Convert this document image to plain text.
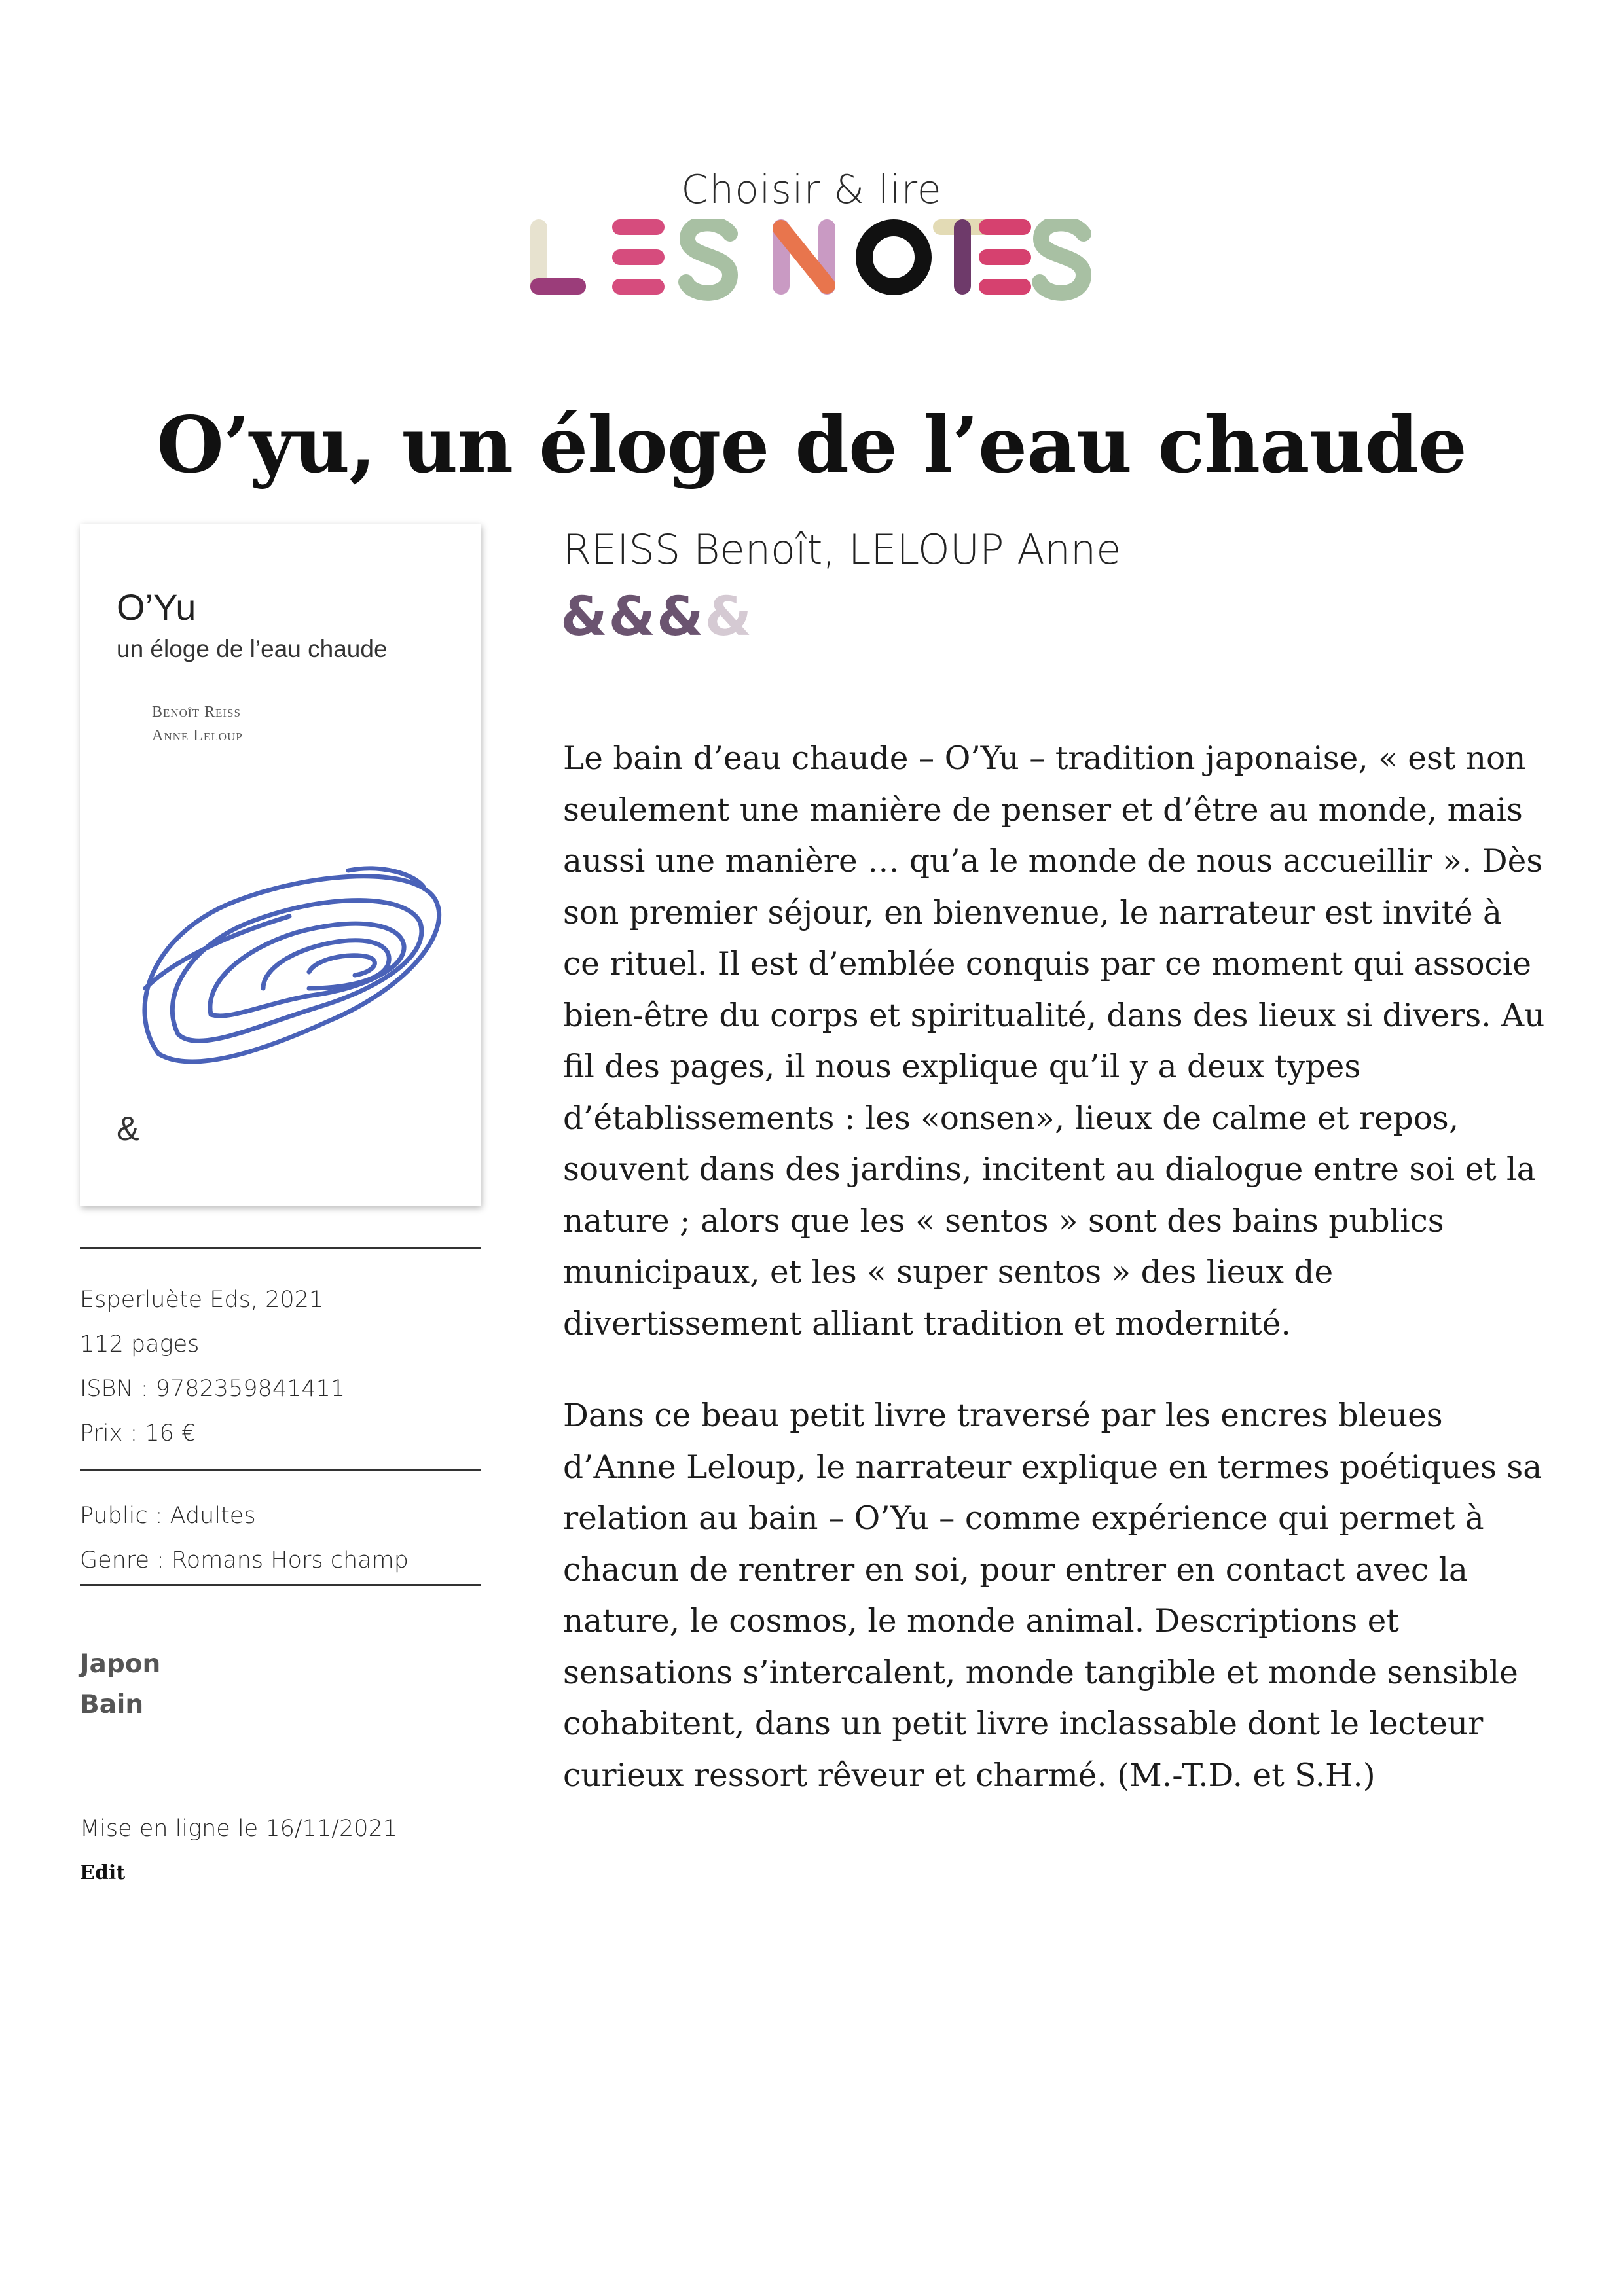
Choisir & lire
O’yu, un éloge de l’eau chaude
O’Yu
un éloge de l’eau chaude
Benoît Reiss
Anne Leloup
&
Esperluète Eds, 2021
112 pages
ISBN : 9782359841411
Prix : 16 €
Public : Adultes
Genre : Romans Hors champ
Japon
Bain
Mise en ligne le 16/11/2021
Edit
REISS Benoît, LELOUP Anne
&&&&

Le bain d’eau chaude – O’Yu – tradition japonaise, « est non seulement une manière de penser et d’être au monde, mais aussi une manière … qu’a le monde de nous accueillir ». Dès son premier séjour, en bienvenue, le narrateur est invité à ce rituel. Il est d’emblée conquis par ce moment qui associe bien-être du corps et spiritualité, dans des lieux si divers. Au fil des pages, il nous explique qu’il y a deux types d’établissements : les «onsen», lieux de calme et repos, souvent dans des jardins, incitent au dialogue entre soi et la nature ; alors que les « sentos » sont des bains publics municipaux, et les « super sentos » des lieux de divertissement alliant tradition et modernité.

Dans ce beau petit livre traversé par les encres bleues d’Anne Leloup, le narrateur explique en termes poétiques sa relation au bain – O’Yu – comme expérience qui permet à chacun de rentrer en soi, pour entrer en contact avec la nature, le cosmos, le monde animal. Descriptions et sensations s’intercalent, monde tangible et monde sensible cohabitent, dans un petit livre inclassable dont le lecteur curieux ressort rêveur et charmé. (M.-T.D. et S.H.)
